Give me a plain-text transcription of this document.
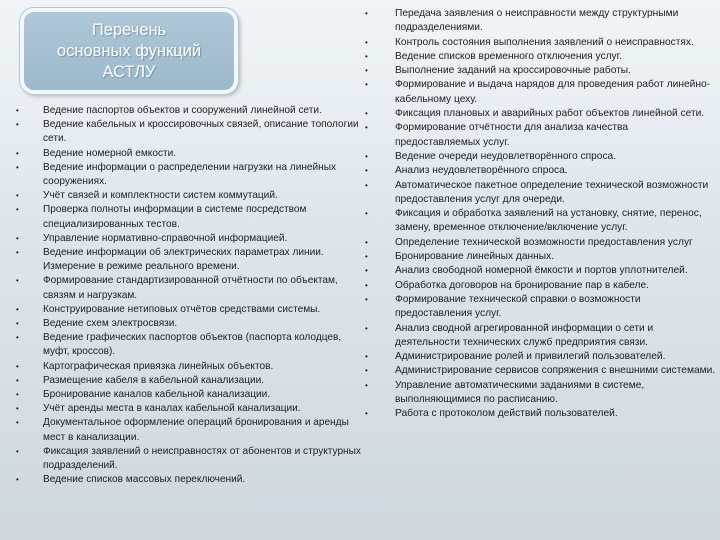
Перечень
основных функций
АСТЛУ
• Ведение паспортов объектов и сооружений линейной сети.
• Ведение кабельных и кроссировочных связей, описание топологии сети.
• Ведение номерной емкости.
• Ведение информации о распределении нагрузки на линейных сооружениях.
• Учёт связей и комплектности систем коммутаций.
• Проверка полноты информации в системе посредством специализированных тестов.
• Управление нормативно-справочной информацией.
• Ведение информации об электрических параметрах линии. Измерение в режиме реального времени.
• Формирование стандартизированной отчётности по объектам, связям и нагрузкам.
• Конструирование нетиповых отчётов средствами системы.
• Ведение схем электросвязи.
• Ведение графических паспортов объектов (паспорта колодцев, муфт, кроссов).
• Картографическая привязка линейных объектов.
• Размещение кабеля в кабельной канализации.
• Бронирование каналов кабельной канализации.
• Учёт аренды места в каналах кабельной канализации.
• Документальное оформление операций бронирования и аренды мест в канализации.
• Фиксация заявлений о неисправностях от абонентов и структурных подразделений.
• Ведение списков массовых переключений.
•	Передача заявления о неисправности между структурными подразделениями.
•	Контроль состояния выполнения заявлений о неисправностях.
•	Ведение списков временного отключения услуг.
•	Выполнение заданий на кроссировочные работы.
•	Формирование и выдача нарядов для проведения работ линейно-кабельному цеху.
•	Фиксация плановых и аварийных работ объектов линейной сети.
•	Формирование отчётности для анализа качества предоставляемых услуг.
•	Ведение очереди неудовлетворённого спроса.
•	Анализ неудовлетворённого спроса.
•	Автоматическое пакетное определение технической возможности предоставления услуг для очереди.
•	Фиксация и обработка заявлений на установку, снятие, перенос, замену, временное отключение/включение услуг.
•	Определение технической возможности предоставления услуг
•	Бронирование линейных данных.
•	Анализ свободной номерной ёмкости и портов уплотнителей.
•	Обработка договоров на бронирование пар в кабеле.
•	Формирование технической справки о возможности предоставления услуг.
•	Анализ сводной агрегированной информации о сети и деятельности технических служб предприятия связи.
•	Администрирование ролей и привилегий пользователей.
•	Администрирование сервисов сопряжения с внешними системами.
•	Управление автоматическими заданиями в системе, выполняющимися по расписанию.
•	Работа с протоколом действий пользователей.
